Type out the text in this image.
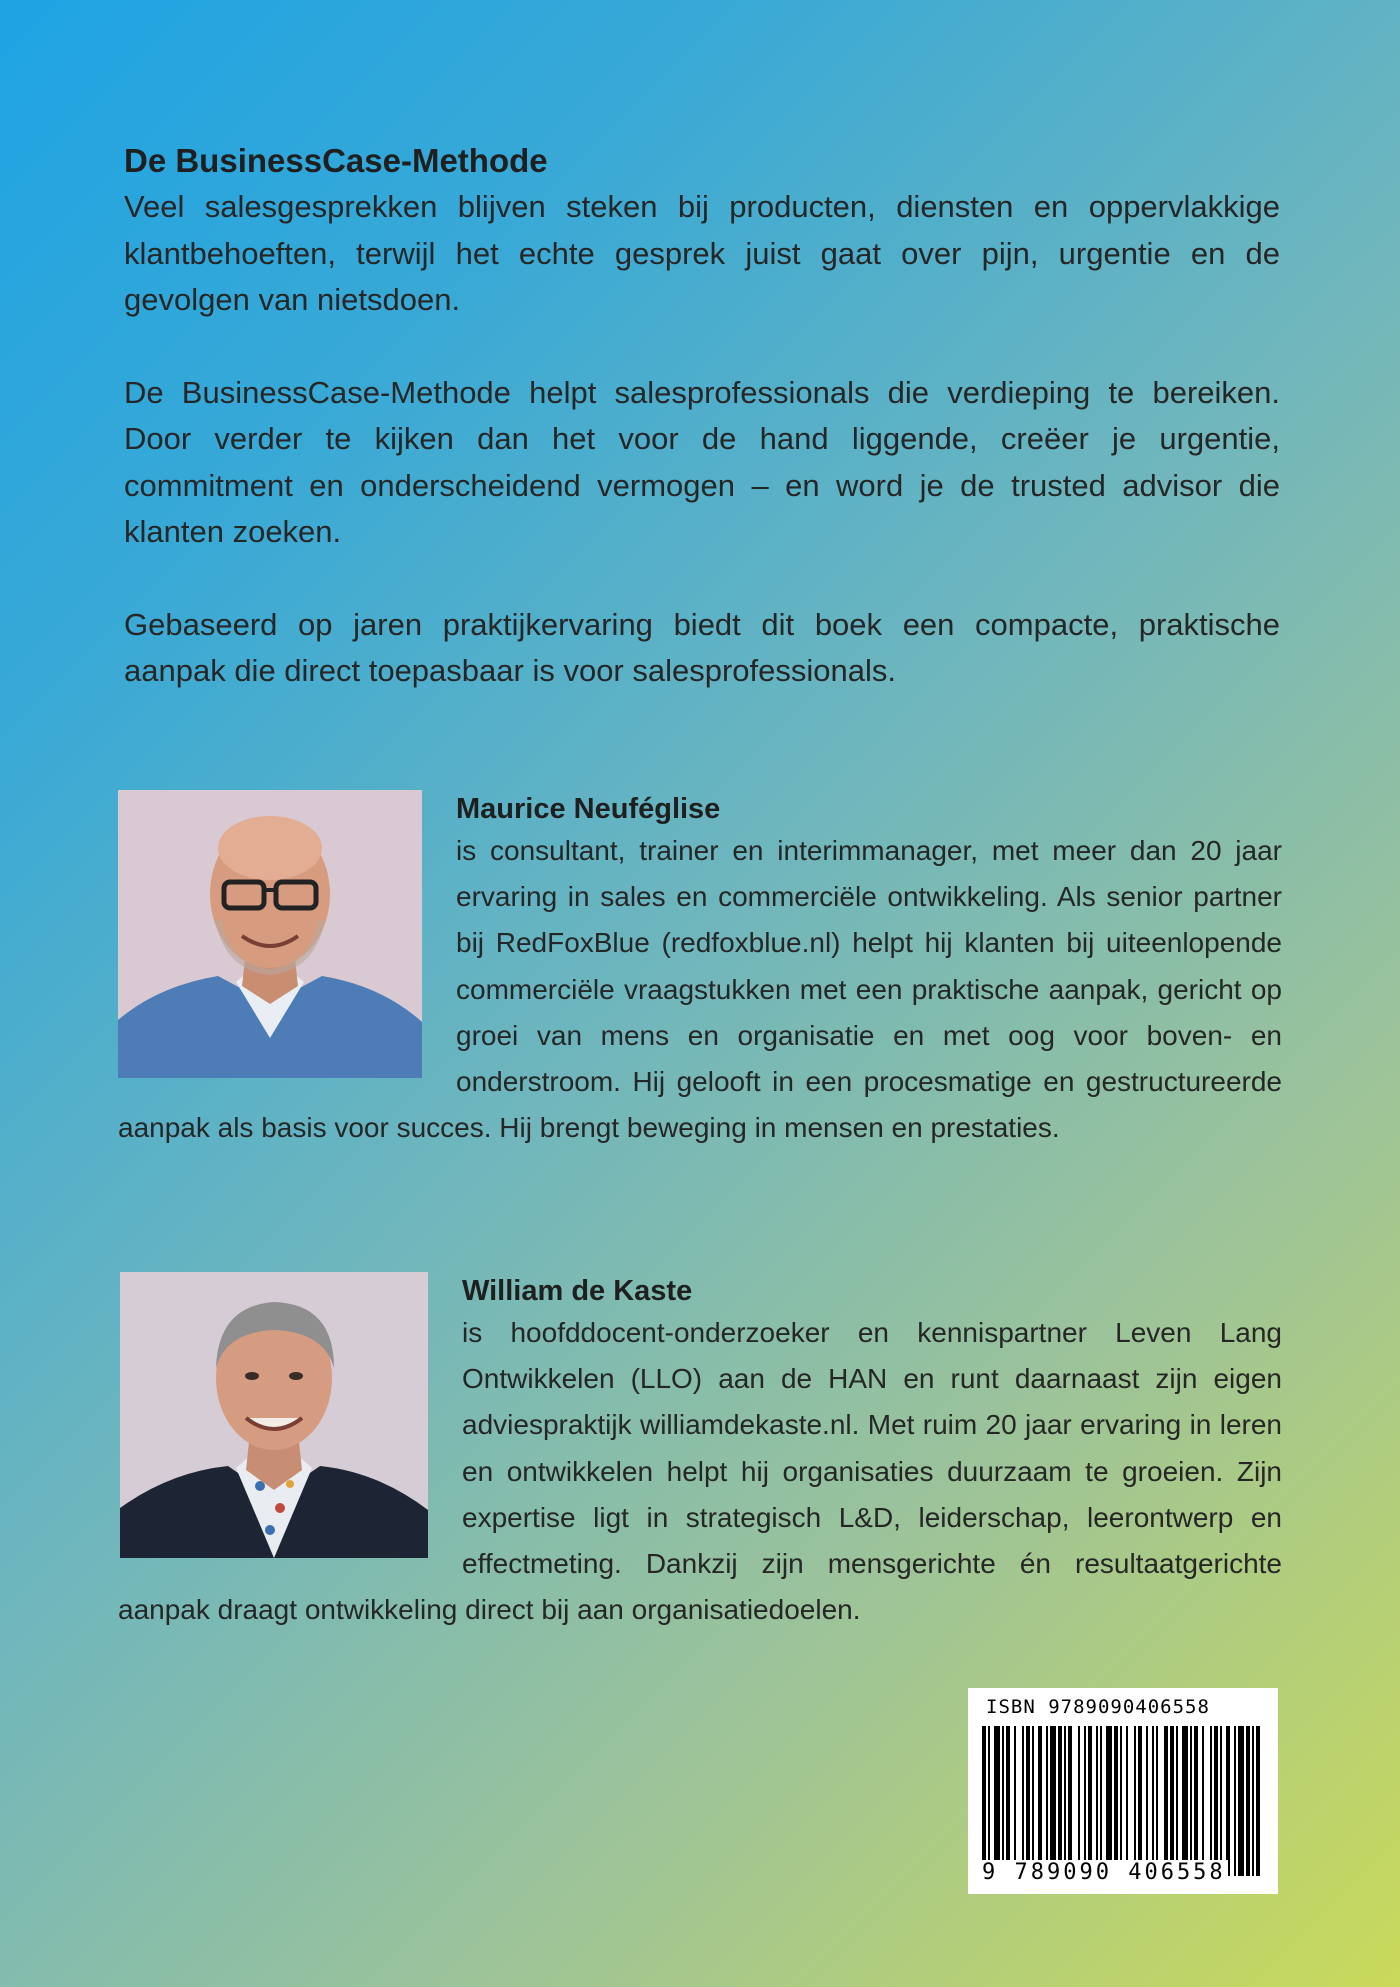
De BusinessCase-Methode

Veel salesgesprekken blijven steken bij producten, diensten en oppervlakkige klantbehoeften, terwijl het echte gesprek juist gaat over pijn, urgentie en de gevolgen van nietsdoen.

De BusinessCase-Methode helpt salesprofessionals die verdieping te bereiken. Door verder te kijken dan het voor de hand liggende, creëer je urgentie, commitment en onderscheidend vermogen – en word je de trusted advisor die klanten zoeken.

Gebaseerd op jaren praktijkervaring biedt dit boek een compacte, praktische aanpak die direct toepasbaar is voor salesprofessionals.

Maurice Neuféglise

is consultant, trainer en interimmanager, met meer dan 20 jaar ervaring in sales en commerciële ontwikkeling. Als senior partner bij RedFoxBlue (redfoxblue.nl) helpt hij klanten bij uiteenlopende commerciële vraagstukken met een praktische aanpak, gericht op groei van mens en organisatie en met oog voor boven- en onderstroom. Hij gelooft in een procesmatige en gestructureerde aanpak als basis voor succes. Hij brengt beweging in mensen en prestaties.

William de Kaste

is hoofddocent-onderzoeker en kennispartner Leven Lang Ontwikkelen (LLO) aan de HAN en runt daarnaast zijn eigen adviespraktijk williamdekaste.nl. Met ruim 20 jaar ervaring in leren en ontwikkelen helpt hij organisaties duurzaam te groeien. Zijn expertise ligt in strategisch L&D, leiderschap, leerontwerp en effectmeting. Dankzij zijn mensgerichte én resultaatgerichte aanpak draagt ontwikkeling direct bij aan organisatiedoelen.

ISBN 9789090406558
9 789090 406558
